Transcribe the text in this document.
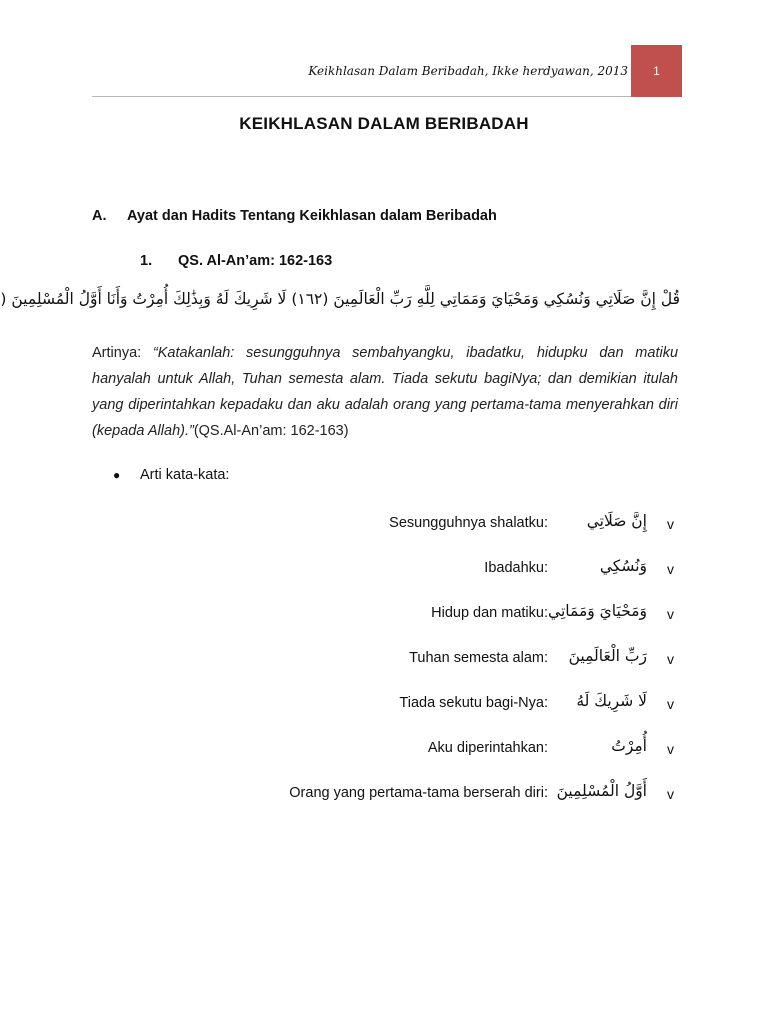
Keikhlasan Dalam Beribadah, Ikke herdyawan, 2013	1
KEIKHLASAN DALAM BERIBADAH
A. Ayat dan Hadits Tentang Keikhlasan dalam Beribadah
1. QS. Al-An’am: 162-163
قُلْ إِنَّ صَلَاتِي وَنُسُكِي وَمَحْيَايَ وَمَمَاتِي لِلَّهِ رَبِّ الْعَالَمِينَ (١٦٢) لَا شَرِيكَ لَهُ وَبِذَٰلِكَ أُمِرْتُ وَأَنَا أَوَّلُ الْمُسْلِمِينَ (
Artinya: “Katakanlah: sesungguhnya sembahyangku, ibadatku, hidupku dan matiku hanyalah untuk Allah, Tuhan semesta alam. Tiada sekutu bagiNya; dan demikian itulah yang diperintahkan kepadaku dan aku adalah orang yang pertama-tama menyerahkan diri (kepada Allah).”(QS.Al-An’am: 162-163)
● Arti kata-kata:
Sesungguhnya shalatku: إِنَّ صَلَاتِي v
Ibadahku:	وَنُسُكِي v
Hidup dan matiku: وَمَحْيَايَ وَمَمَاتِي v
Tuhan semesta alam: رَبِّ الْعَالَمِينَ v
Tiada sekutu bagi-Nya: لَا شَرِيكَ لَهُ v
Aku diperintahkan:	أُمِرْتُ v
Orang yang pertama-tama berserah diri: أَوَّلُ الْمُسْلِمِينَ v
